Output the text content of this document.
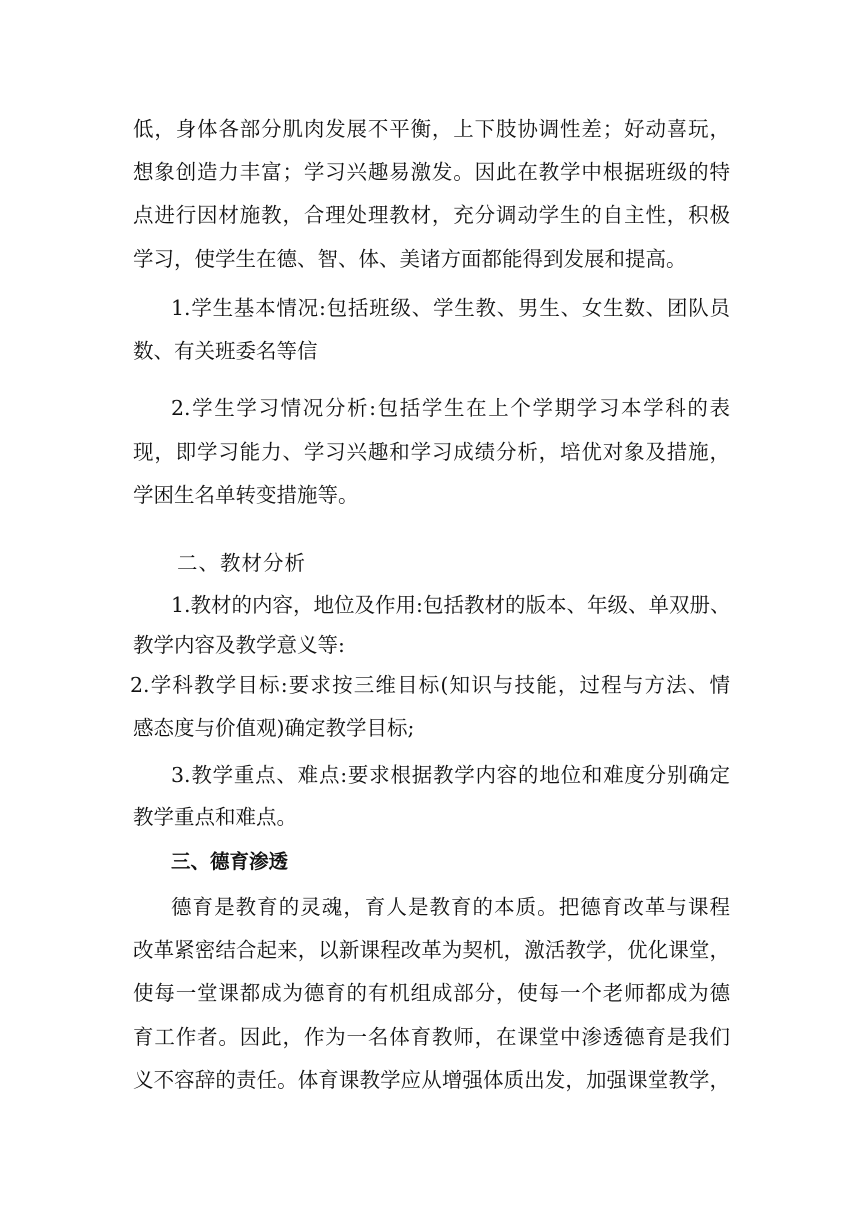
低，身体各部分肌肉发展不平衡，上下肢协调性差；好动喜玩，
想象创造力丰富；学习兴趣易激发。因此在教学中根据班级的特
点进行因材施教，合理处理教材，充分调动学生的自主性，积极
学习，使学生在德、智、体、美诸方面都能得到发展和提高。
1.学生基本情况:包括班级、学生教、男生、女生数、团队员
数、有关班委名等信
2.学生学习情况分析:包括学生在上个学期学习本学科的表
现，即学习能力、学习兴趣和学习成绩分析，培优对象及措施，
学困生名单转变措施等。
二、教材分析
1.教材的内容，地位及作用:包括教材的版本、年级、单双册、
教学内容及教学意义等:
2.学科教学目标:要求按三维目标(知识与技能，过程与方法、情
感态度与价值观)确定教学目标;
3.教学重点、难点:要求根据教学内容的地位和难度分别确定
教学重点和难点。
三、德育渗透
德育是教育的灵魂，育人是教育的本质。把德育改革与课程
改革紧密结合起来，以新课程改革为契机，激活教学，优化课堂，
使每一堂课都成为德育的有机组成部分，使每一个老师都成为德
育工作者。因此，作为一名体育教师，在课堂中渗透德育是我们
义不容辞的责任。体育课教学应从增强体质出发，加强课堂教学，
